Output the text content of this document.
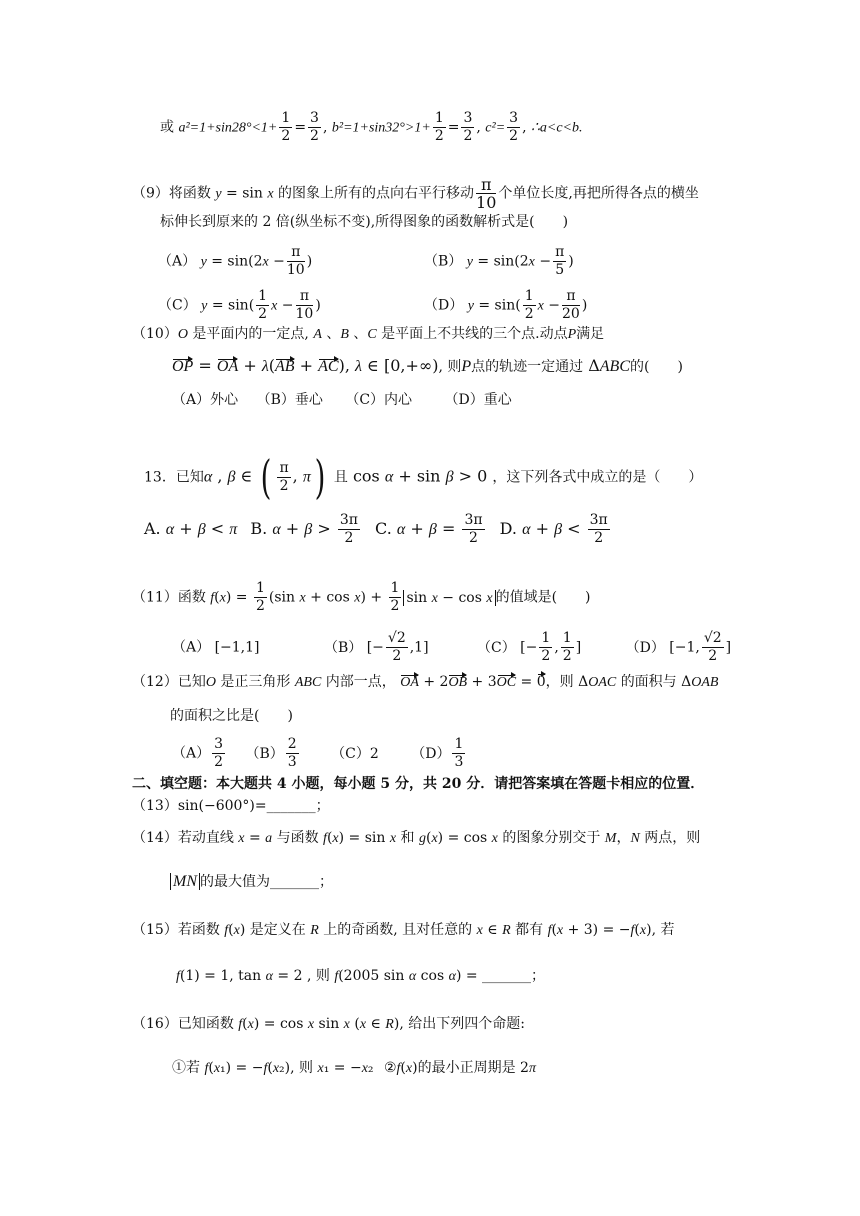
或 $a^2=1+\sin 28^\circ<1+ \frac{1}{2} = \frac{3}{2}$ , $b^2=1+\sin 32^\circ>1+ \frac{1}{2} = \frac{3}{2}$ , $c^2= \frac{3}{2}$ , ∴a<c<b.
（9）将函数 y = sin x 的图象上所有的点向右平行移动 $\frac{\pi}{10}$ 个单位长度,再把所得各点的横坐
标伸长到原来的 2 倍(纵坐标不变),所得图象的函数解析式是(　　)
（A） $y = \sin(2x - \frac{\pi}{10}$ )	（B） $y = \sin(2x - \frac{\pi}{5}$ )
（C） $y = \sin( \frac{1}{2}$ $x - \frac{\pi}{10}$ )	（D） $y = \sin( \frac{1}{2}$ $x - \frac{\pi}{20}$ )
（10）O 是平面内的一定点, A 、B 、C 是平面上不共线的三个点.动点P满足
OP = OA + λ(AB + AC), λ ∈ [0,+∞), 则P点的轨迹一定通过 ΔABC的(　　)
（A）外心 （B）垂心 （C）内心 （D）重心
13．已知α , β ∈ ( $\frac{\pi}{2}$ , π) 且 cos α + sin β > 0 ，这下列各式中成立的是（　　）
A. α + β < π B. $\alpha + \beta > \frac{3\pi}{2} C$. $\alpha + \beta = \frac{3\pi}{2} D$. $\alpha + \beta < \frac{3\pi}{2}$
（11）函数 $f(x) = \frac{1}{2} (\sin$ $x + \cos x) + \frac{1}{2}$ sin x − cos x 的值域是(　　)
（A） [−1,1]	（B） [− $\frac{√2}{2} ,1$]	（C） [− $\frac{1}{2}$ , $\frac{1}{2}$ ]	（D） [−1, $\frac{√2}{2}$ ]
（12）已知O 是正三角形 ABC 内部一点， OA + 2OB + 3OC = 0，则 ΔOAC 的面积与 ΔOAB
的面积之比是(　　)
$(A) \frac{3}{2} (B) \frac{2}{3} (C)2$ $(D) \frac{1}{3}$
二、填空题：本大题共 4 小题，每小题 5 分，共 20 分．请把答案填在答题卡相应的位置．
（13）sin(−600°)=_______；
（14）若动直线 x = a 与函数 f(x) = sin x 和 g(x) = cos x 的图象分别交于 M，N 两点，则
MN 的最大值为_______；
（15）若函数 f(x) 是定义在 R 上的奇函数, 且对任意的 x ∈ R 都有 f(x + 3) = −f(x), 若
f(1) = 1, tan α = 2 , 则 f(2005 sin α cos α) = _______；
（16）已知函数 f(x) = cos x sin x (x ∈ R), 给出下列四个命题:
①若 f(x₁) = −f(x₂), 则 x₁ = −x₂ ②f(x)的最小正周期是 2π
